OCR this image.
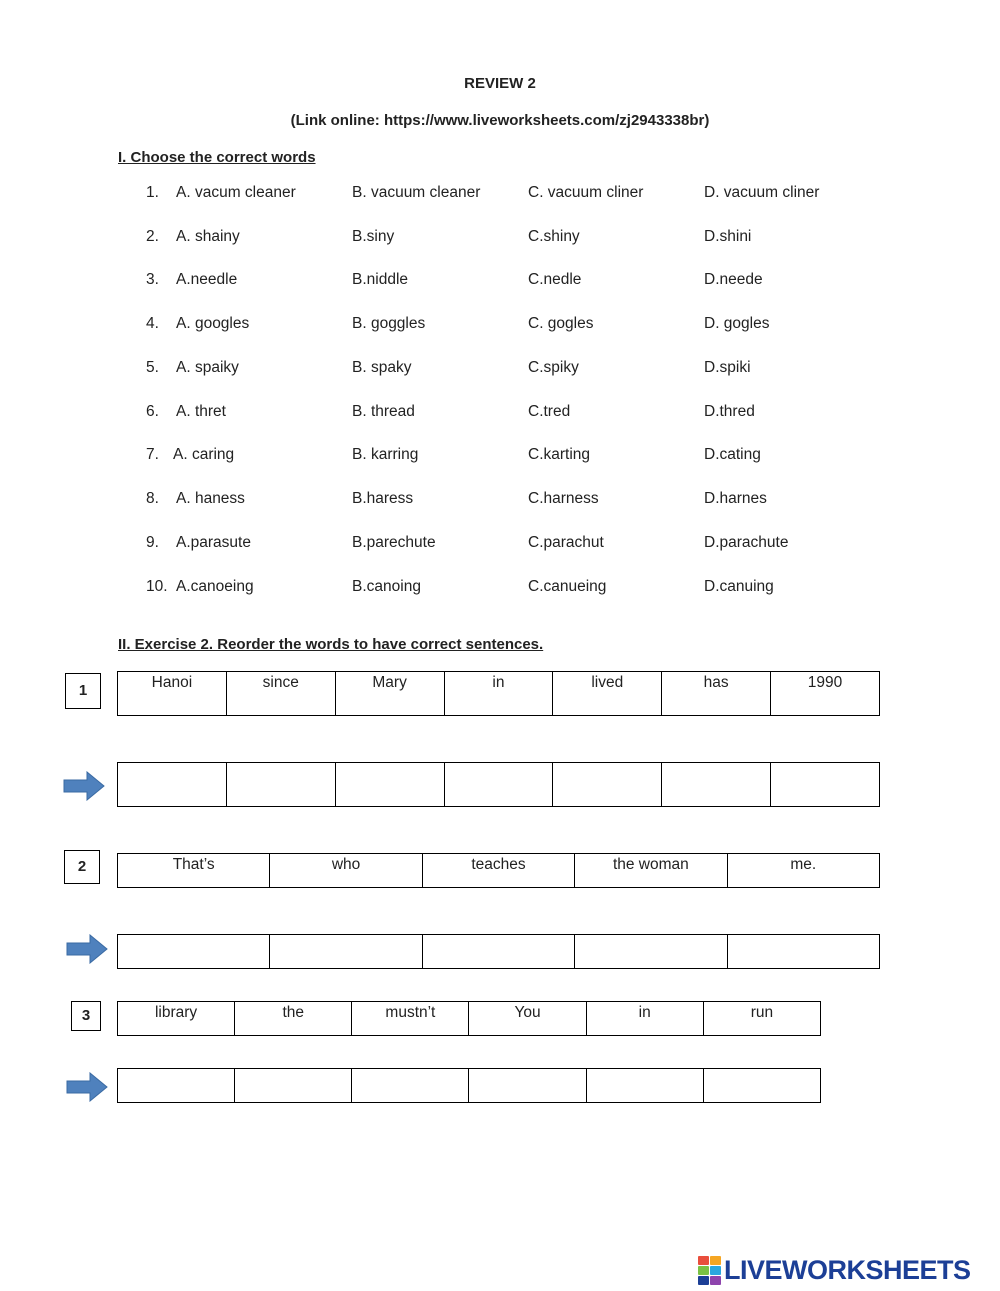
REVIEW 2
(Link online: https://www.liveworksheets.com/zj2943338br)
I. Choose the correct words
1. A. vacum cleaner	B. vacuum cleaner	C. vacuum cliner	D. vacuum cliner
2. A. shainy	B.siny	C.shiny	D.shini
3. A.needle	B.niddle	C.nedle	D.neede
4. A. googles	B. goggles	C. gogles	D. gogles
5. A. spaiky	B. spaky	C.spiky	D.spiki
6. A. thret	B. thread	C.tred	D.thred
7. A. caring	B. karring	C.karting	D.cating
8. A. haness	B.haress	C.harness	D.harnes
9. A.parasute	B.parechute	C.parachut	D.parachute
10. A.canoeing	B.canoing	C.canueing	D.canuing
II. Exercise 2. Reorder the words to have correct sentences.
1	Hanoi	since	Mary	in	lived	has	1990

2	That’s	who	teaches	the woman	me.

3	library	the	mustn’t	You	in	run

LIVEWORKSHEETS
